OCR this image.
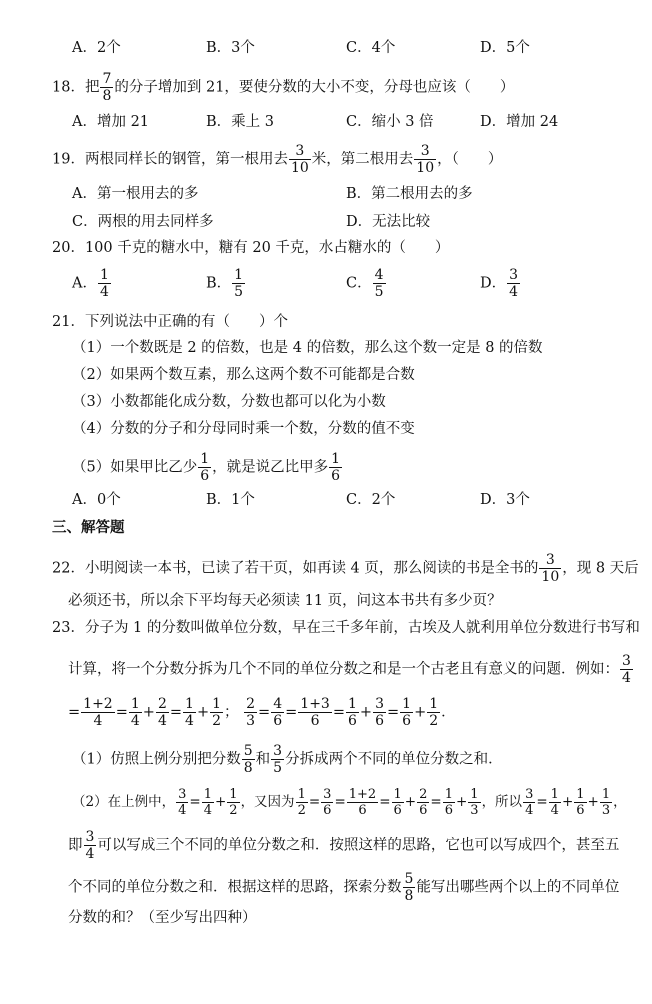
A．2个	B．3个	C．4个	D．5个
18．把 $\frac{7}{8}$ 的分子增加到 21，要使分数的大小不变，分母也应该（　　）
A．增加 21	B．乘上 3	C．缩小 3 倍	D．增加 24
19．两根同样长的钢管，第一根用去 $\frac{3}{10}$ 米，第二根用去 $\frac{3}{10}$ ，（　　）
A．第一根用去的多	B．第二根用去的多
C．两根的用去同样多	D．无法比较
20．100 千克的糖水中，糖有 20 千克，水占糖水的（　　）
A． $\frac{1}{4}$	B． $\frac{1}{5}$	C． $\frac{4}{5}$	D． $\frac{3}{4}$
21．下列说法中正确的有（　　）个
（1）一个数既是 2 的倍数，也是 4 的倍数，那么这个数一定是 8 的倍数
（2）如果两个数互素，那么这两个数不可能都是合数
（3）小数都能化成分数，分数也都可以化为小数
（4）分数的分子和分母同时乘一个数，分数的值不变
（5）如果甲比乙少 $\frac{1}{6}$ ，就是说乙比甲多 $\frac{1}{6}$
A．0个	B．1个	C．2个	D．3个
三、解答题
22．小明阅读一本书，已读了若干页，如再读 4 页，那么阅读的书是全书的 $\frac{3}{10}$ ，现 8 天后
必须还书，所以余下平均每天必须读 11 页，问这本书共有多少页？
23．分子为 1 的分数叫做单位分数，早在三千多年前，古埃及人就利用单位分数进行书写和
计算，将一个分数分拆为几个不同的单位分数之和是一个古老且有意义的问题．例如： $\frac{3}{4}$
= $\frac{1+2}{4} = \frac{1}{4} + \frac{2}{4} = \frac{1}{4} + \frac{1}{2}$ ； $\frac{2}{3} = \frac{4}{6} = \frac{1+3}{6} = \frac{1}{6} + \frac{3}{6} = \frac{1}{6} + \frac{1}{2}$ ．
（1）仿照上例分别把分数 $\frac{5}{8}$ 和 $\frac{3}{5}$ 分拆成两个不同的单位分数之和．
（2）在上例中， $\frac{3}{4} = \frac{1}{4} + \frac{1}{2}$ ，又因为 $\frac{1}{2} = \frac{3}{6} = \frac{1+2}{6} = \frac{1}{6} + \frac{2}{6} = \frac{1}{6} + \frac{1}{3}$ ，所以 $\frac{3}{4} = \frac{1}{4} + \frac{1}{6} + \frac{1}{3}$ ，
即 $\frac{3}{4}$ 可以写成三个不同的单位分数之和．按照这样的思路，它也可以写成四个，甚至五
个不同的单位分数之和．根据这样的思路，探索分数 $\frac{5}{8}$ 能写出哪些两个以上的不同单位
分数的和？（至少写出四种）
